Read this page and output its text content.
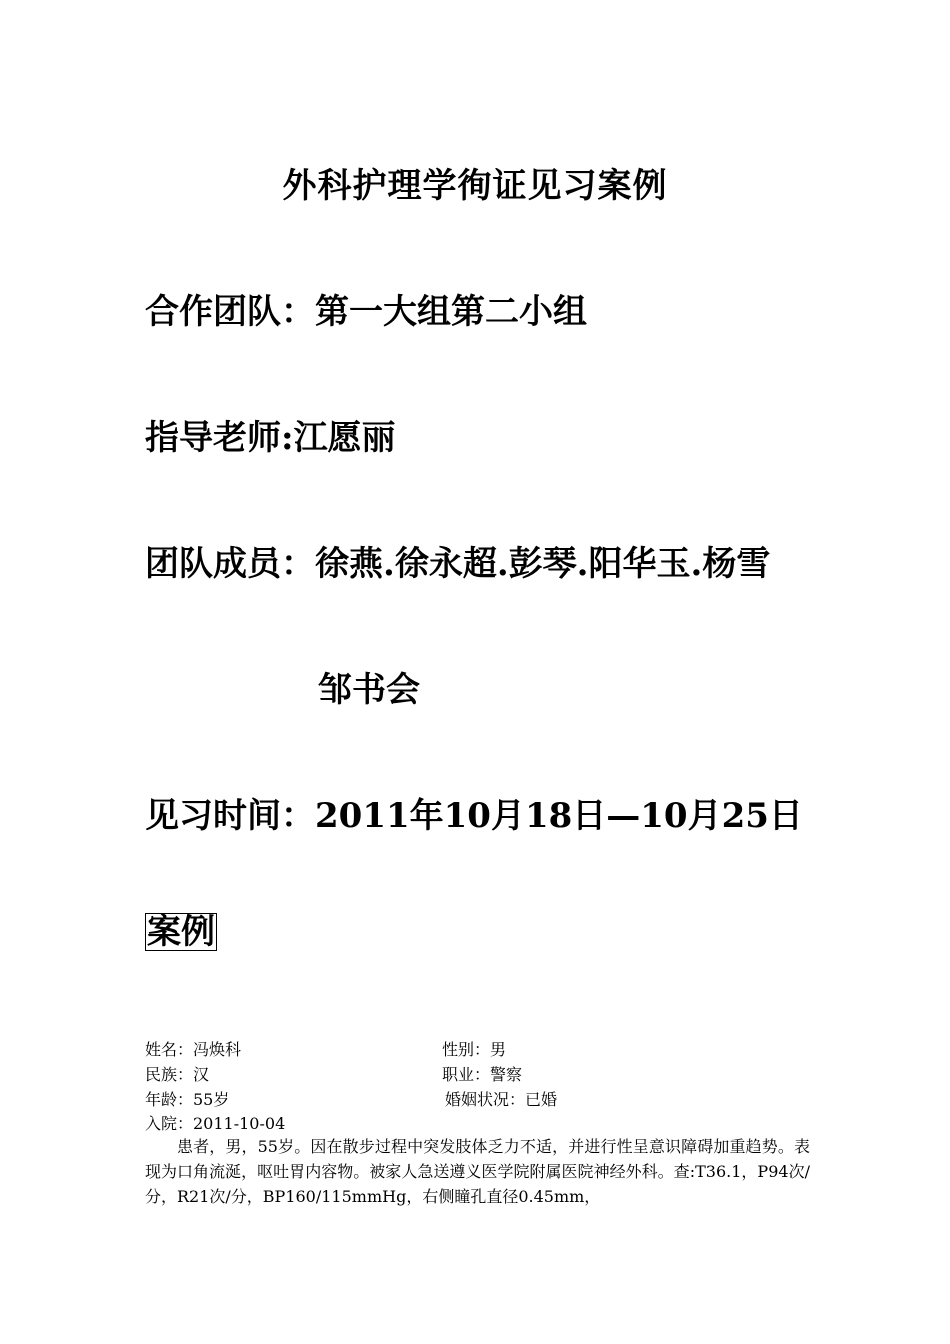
外科护理学徇证见习案例
合作团队：第一大组第二小组
指导老师:江愿丽
团队成员：徐燕.徐永超.彭琴.阳华玉.杨雪
邹书会
见习时间：2011年10月18日—10月25日
案例
姓名：冯焕科	性别：男
民族：汉	职业：警察
年龄：55岁	婚姻状况：已婚
入院：2011-10-04

患者，男，55岁。因在散步过程中突发肢体乏力不适，并进行性呈意识障碍加重趋势。表现为口角流涎，呕吐胃内容物。被家人急送遵义医学院附属医院神经外科。查:T36.1，P94次/分，R21次/分，BP160/115mmHg，右侧瞳孔直径0.45mm，
